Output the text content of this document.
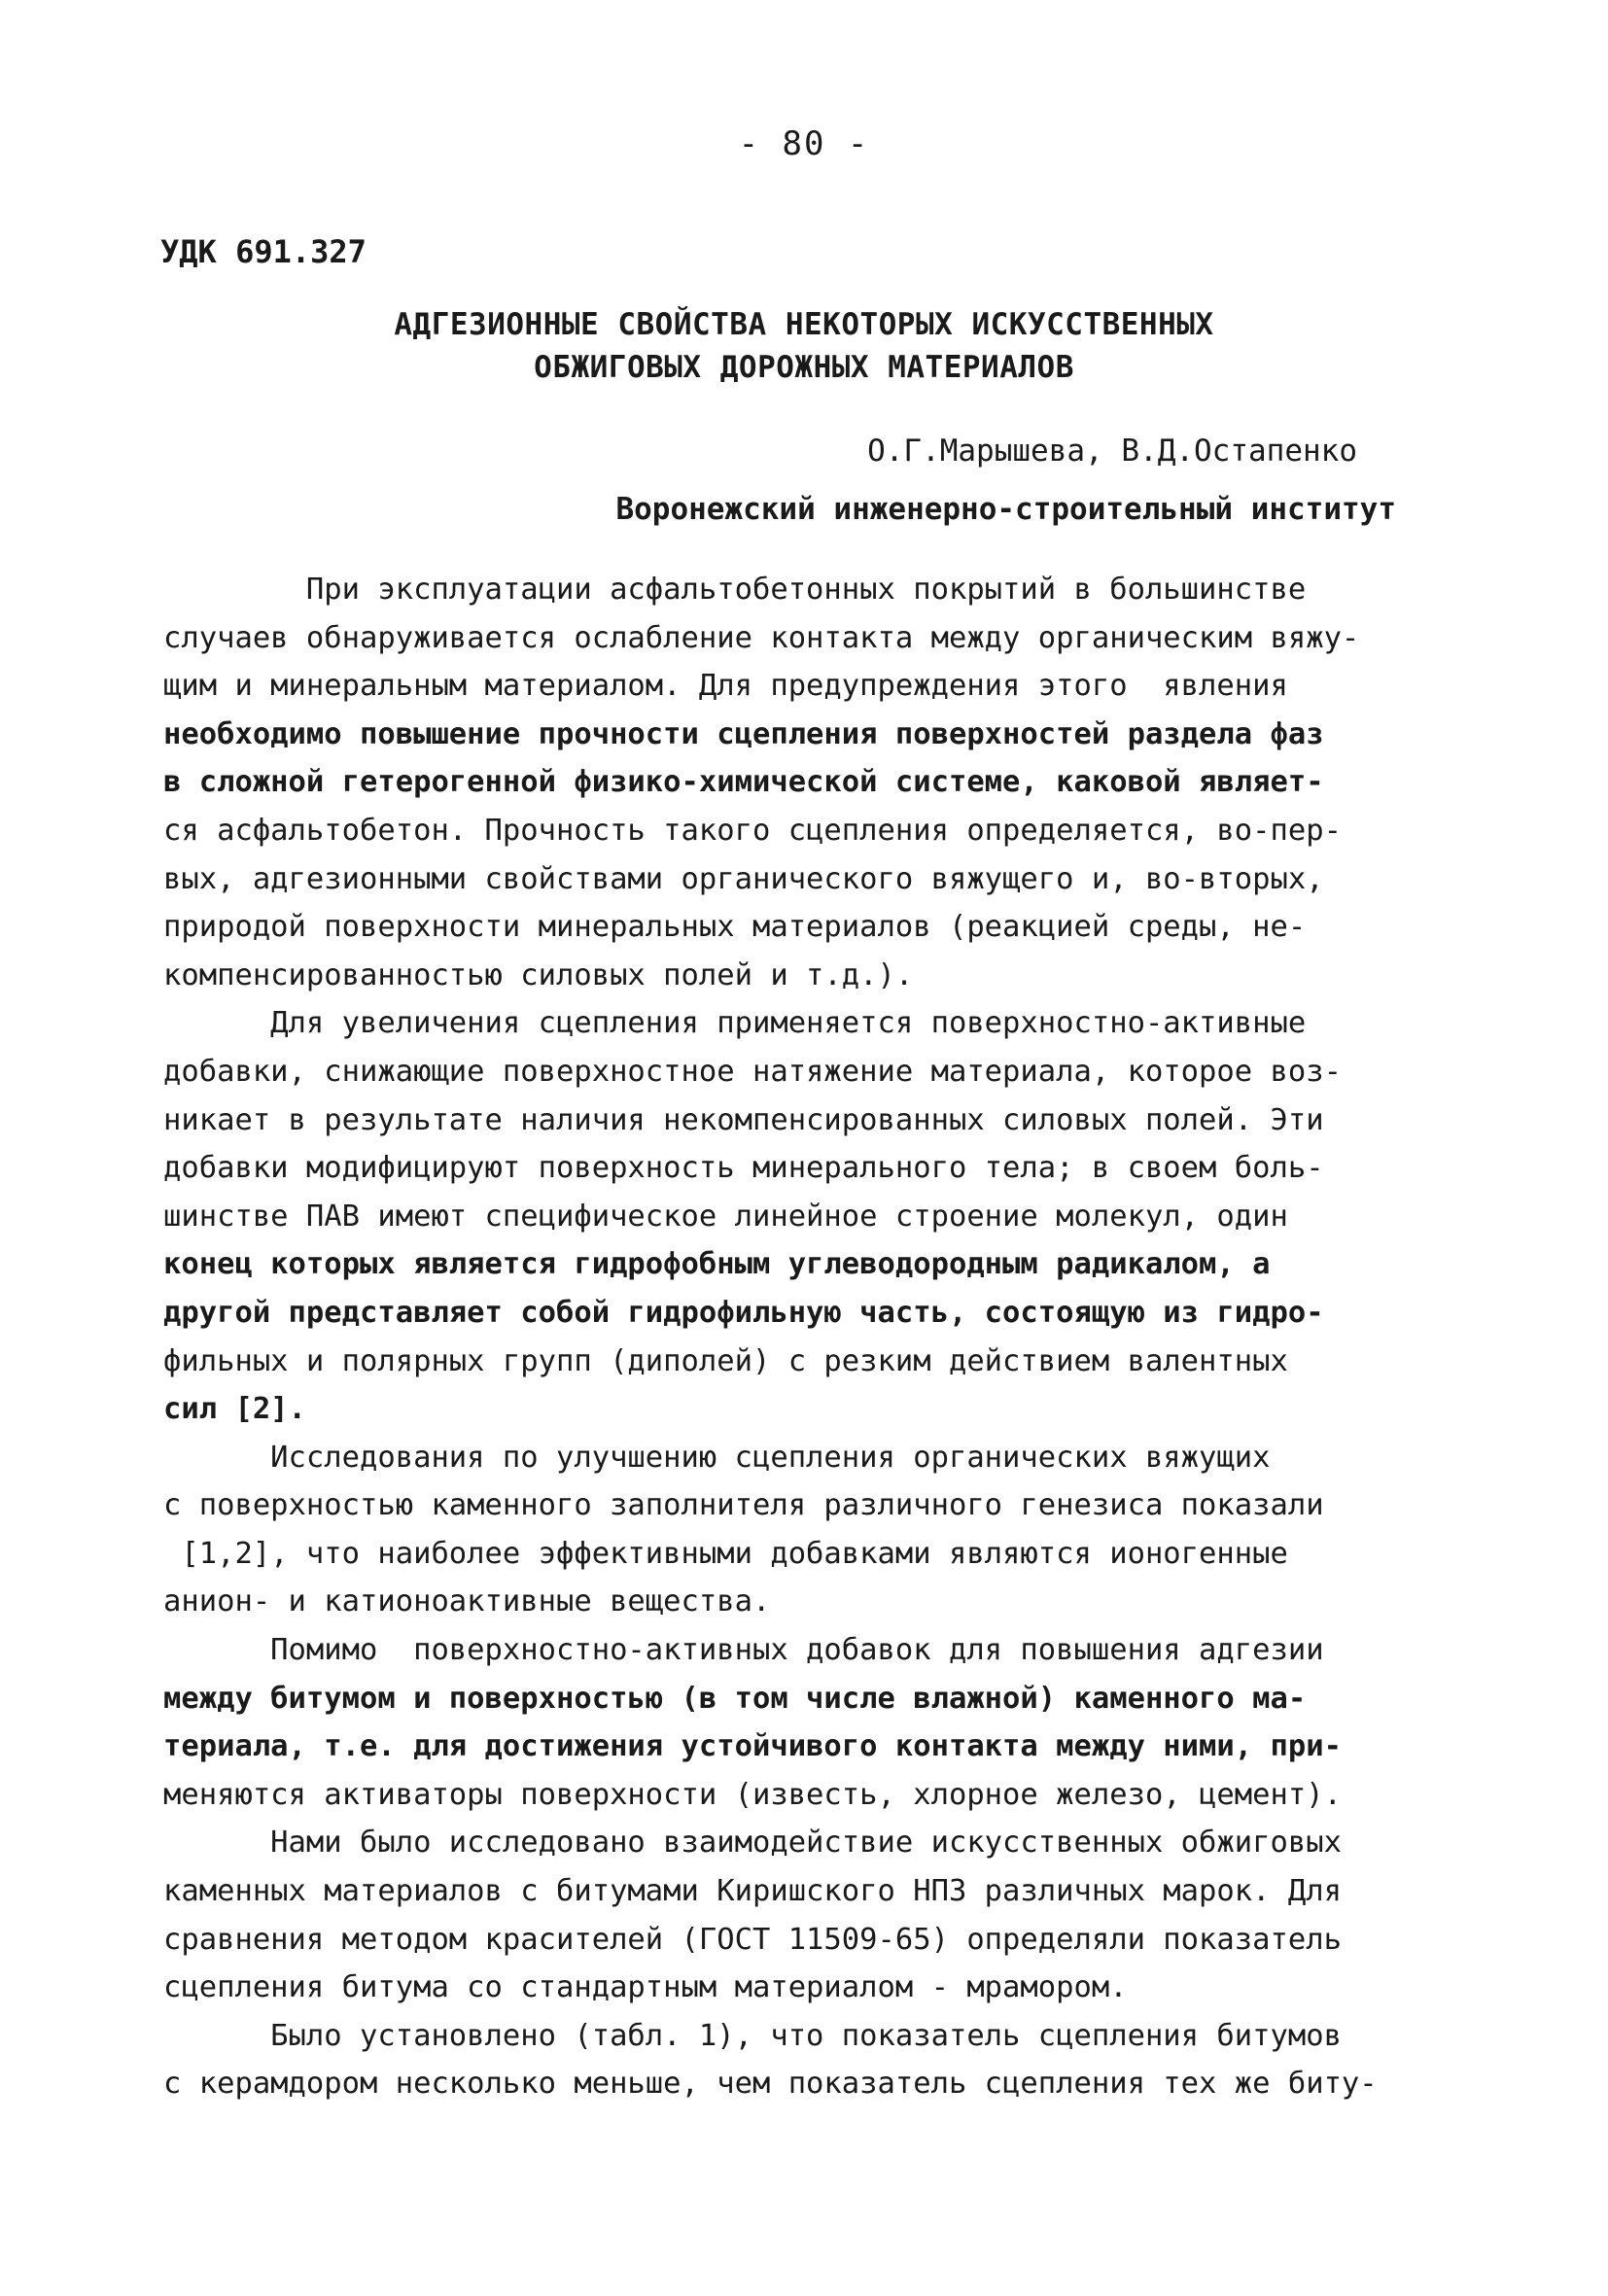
- 80 -
УДК 691.327
АДГЕЗИОННЫЕ СВОЙСТВА НЕКОТОРЫХ ИСКУССТВЕННЫХ
ОБЖИГОВЫХ ДОРОЖНЫХ МАТЕРИАЛОВ
О.Г.Марышева, В.Д.Остапенко
Воронежский инженерно-строительный институт
При эксплуатации асфальтобетонных покрытий в большинстве
случаев обнаруживается ослабление контакта между органическим вяжу-
щим и минеральным материалом. Для предупреждения этого  явления
необходимо повышение прочности сцепления поверхностей раздела фаз
в сложной гетерогенной физико-химической системе, каковой являет-
ся асфальтобетон. Прочность такого сцепления определяется, во-пер-
вых, адгезионными свойствами органического вяжущего и, во-вторых,
природой поверхности минеральных материалов (реакцией среды, не-
компенсированностью силовых полей и т.д.).
Для увеличения сцепления применяется поверхностно-активные
добавки, снижающие поверхностное натяжение материала, которое воз-
никает в результате наличия некомпенсированных силовых полей. Эти
добавки модифицируют поверхность минерального тела; в своем боль-
шинстве ПАВ имеют специфическое линейное строение молекул, один
конец которых является гидрофобным углеводородным радикалом, а
другой представляет собой гидрофильную часть, состоящую из гидро-
фильных и полярных групп (диполей) с резким действием валентных
сил [2].
Исследования по улучшению сцепления органических вяжущих
с поверхностью каменного заполнителя различного генезиса показали
[1,2], что наиболее эффективными добавками являются ионогенные
анион- и катионоактивные вещества.
Помимо  поверхностно-активных добавок для повышения адгезии
между битумом и поверхностью (в том числе влажной) каменного ма-
териала, т.е. для достижения устойчивого контакта между ними, при-
меняются активаторы поверхности (известь, хлорное железо, цемент).
Нами было исследовано взаимодействие искусственных обжиговых
каменных материалов с битумами Киришского НПЗ различных марок. Для
сравнения методом красителей (ГОСТ 11509-65) определяли показатель
сцепления битума со стандартным материалом - мрамором.
Было установлено (табл. 1), что показатель сцепления битумов
с керамдором несколько меньше, чем показатель сцепления тех же биту-
